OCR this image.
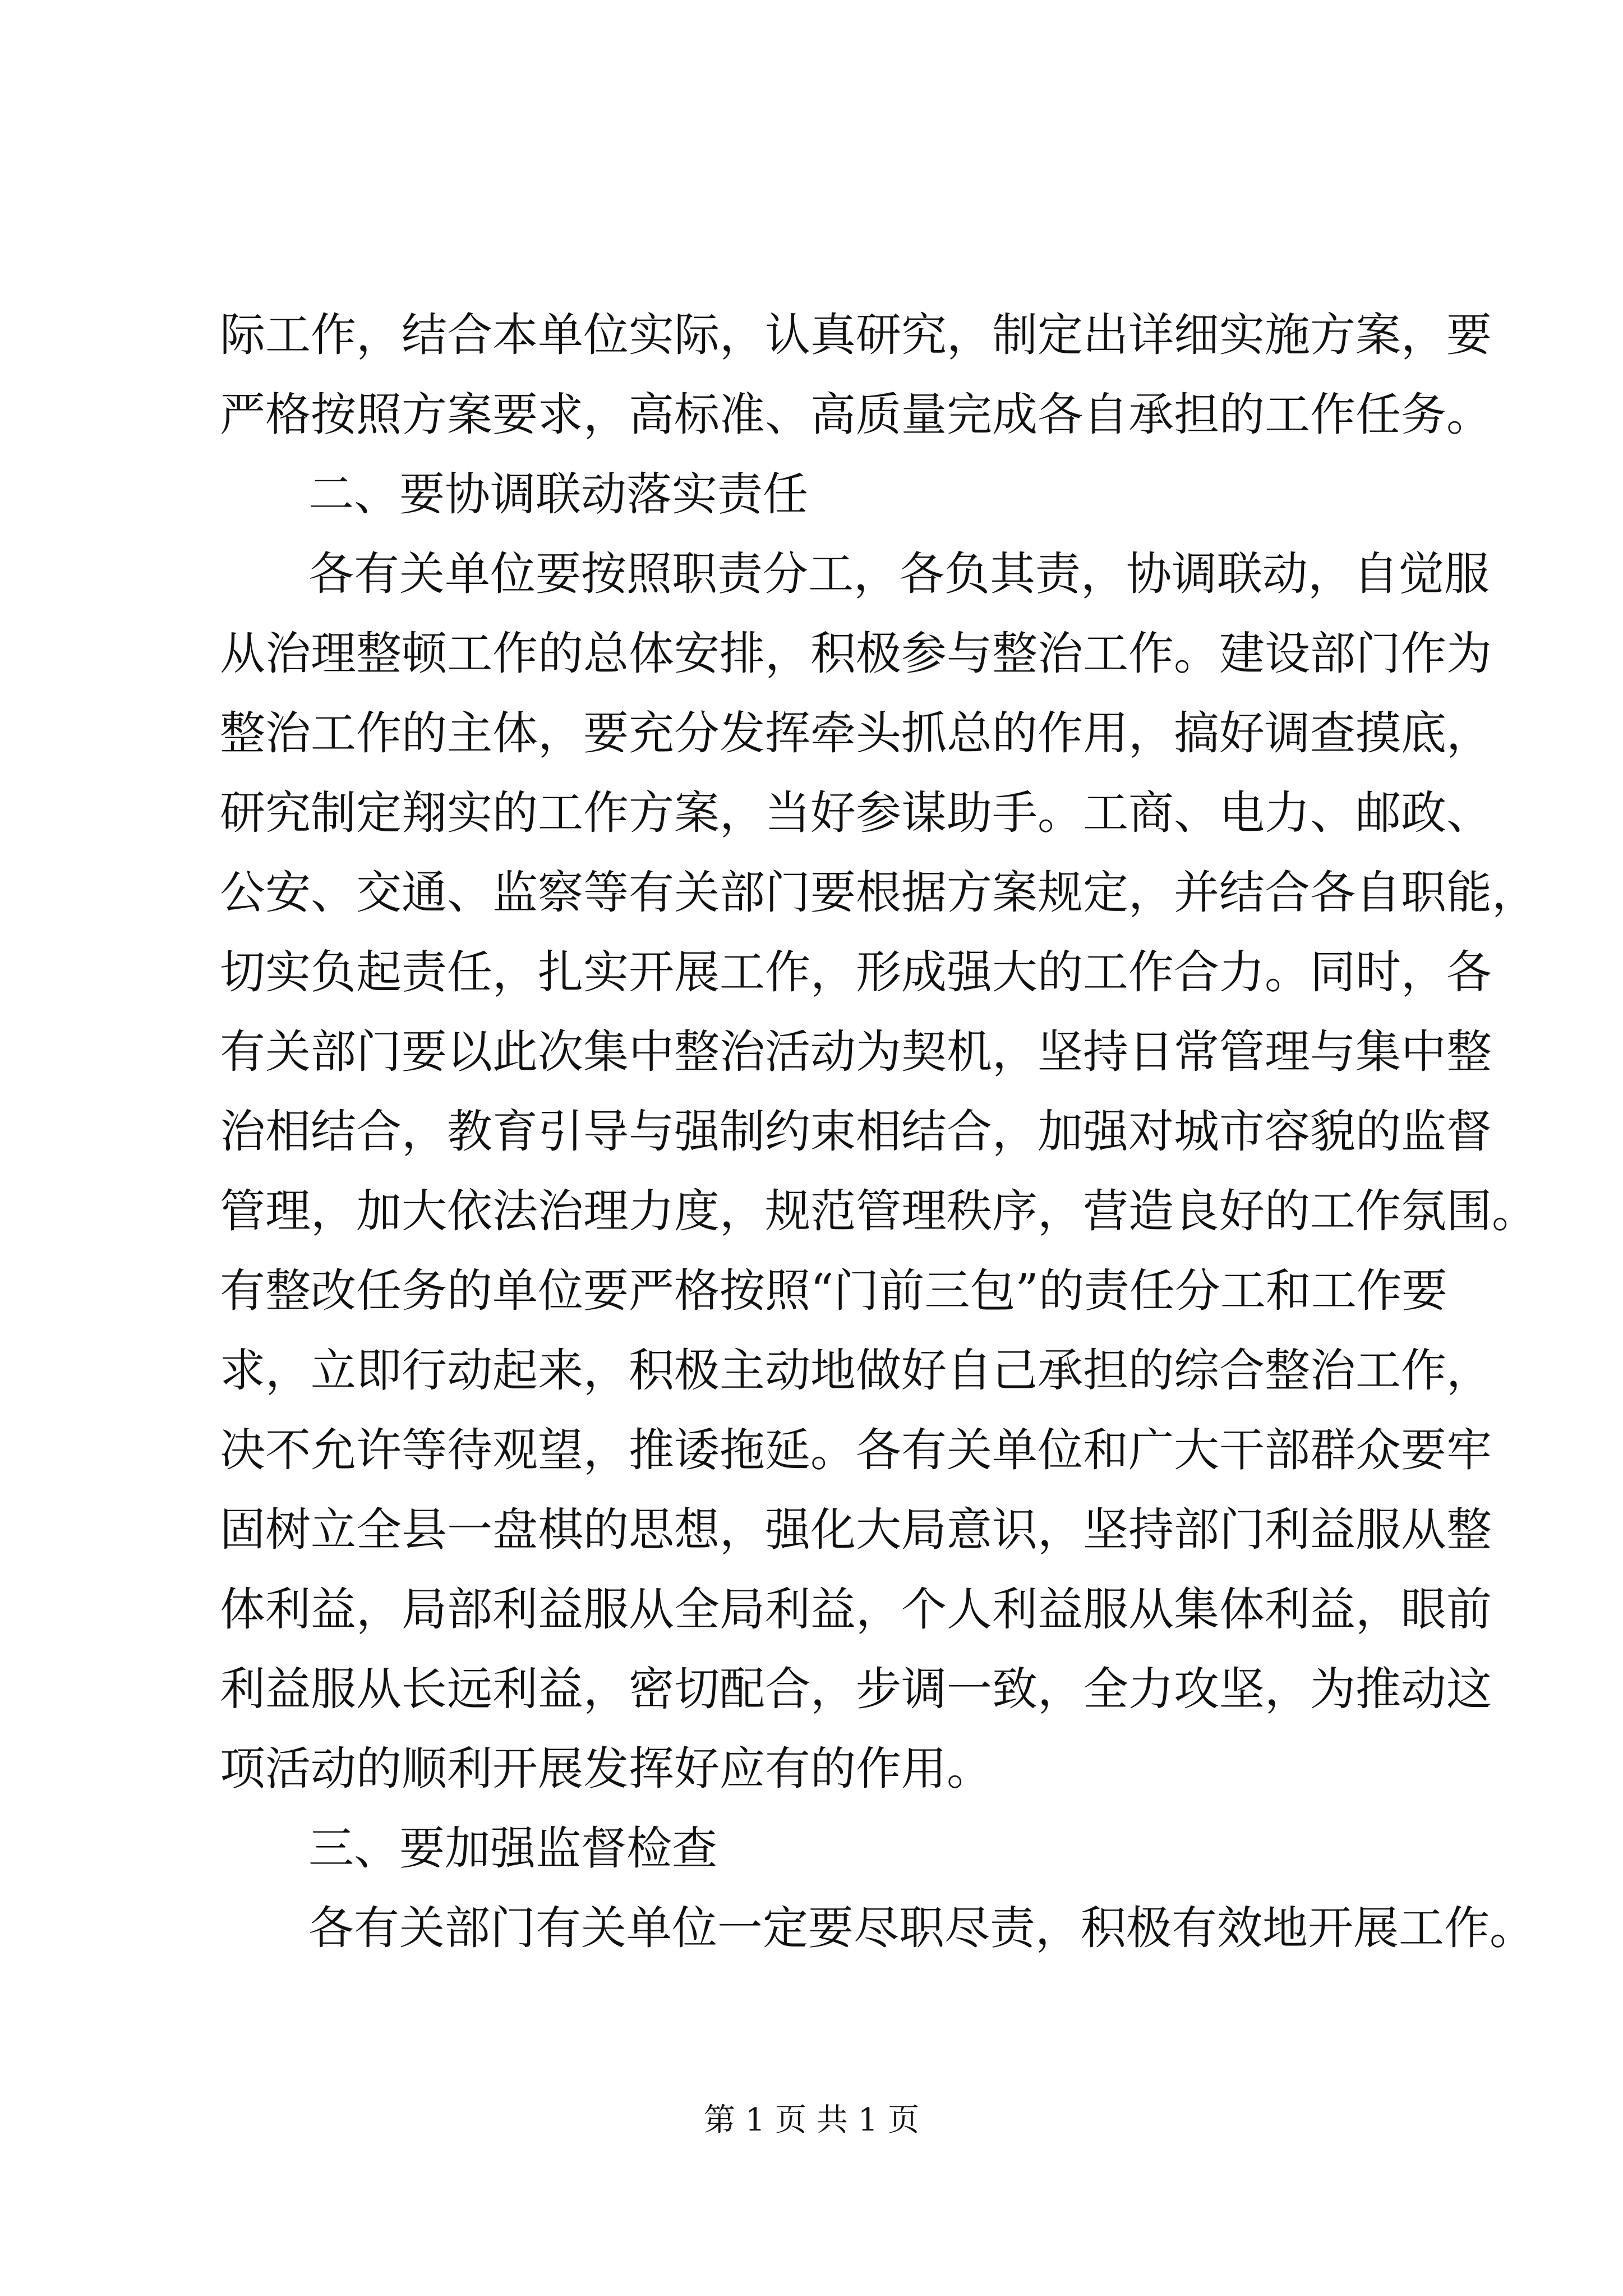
际工作，结合本单位实际，认真研究，制定出详细实施方案，要
严格按照方案要求，高标准、高质量完成各自承担的工作任务。
二、要协调联动落实责任
各有关单位要按照职责分工，各负其责，协调联动，自觉服
从治理整顿工作的总体安排，积极参与整治工作。建设部门作为
整治工作的主体，要充分发挥牵头抓总的作用，搞好调查摸底，
研究制定翔实的工作方案，当好参谋助手。工商、电力、邮政、
公安、交通、监察等有关部门要根据方案规定，并结合各自职能，
切实负起责任，扎实开展工作，形成强大的工作合力。同时，各
有关部门要以此次集中整治活动为契机，坚持日常管理与集中整
治相结合，教育引导与强制约束相结合，加强对城市容貌的监督
管理，加大依法治理力度，规范管理秩序，营造良好的工作氛围。
有整改任务的单位要严格按照“门前三包”的责任分工和工作要
求，立即行动起来，积极主动地做好自己承担的综合整治工作，
决不允许等待观望，推诿拖延。各有关单位和广大干部群众要牢
固树立全县一盘棋的思想，强化大局意识，坚持部门利益服从整
体利益，局部利益服从全局利益，个人利益服从集体利益，眼前
利益服从长远利益，密切配合，步调一致，全力攻坚，为推动这
项活动的顺利开展发挥好应有的作用。
三、要加强监督检查
各有关部门有关单位一定要尽职尽责，积极有效地开展工作。
第 1 页 共 1 页
